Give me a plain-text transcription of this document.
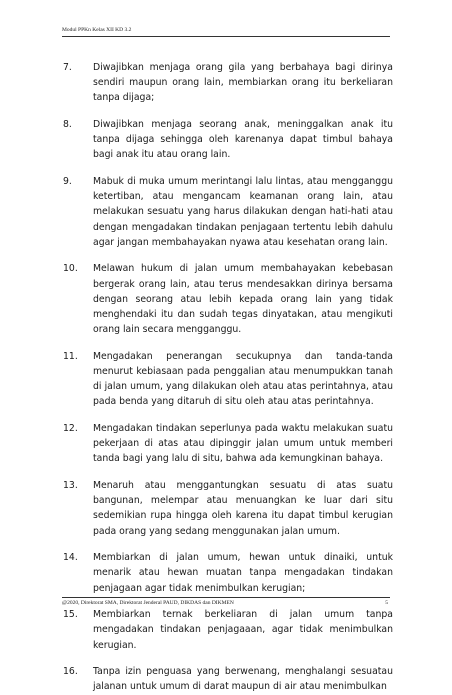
Modul PPKn Kelas XII KD 3.2
7.	Diwajibkan menjaga orang gila yang berbahaya bagi dirinya sendiri maupun orang lain, membiarkan orang itu berkeliaran tanpa dijaga;
8.	Diwajibkan menjaga seorang anak, meninggalkan anak itu tanpa dijaga sehingga oleh karenanya dapat timbul bahaya bagi anak itu atau orang lain.
9.	Mabuk di muka umum merintangi lalu lintas, atau mengganggu ketertiban, atau mengancam keamanan orang lain, atau melakukan sesuatu yang harus dilakukan dengan hati-hati atau dengan mengadakan tindakan penjagaan tertentu lebih dahulu agar jangan membahayakan nyawa atau kesehatan orang lain.
10.	Melawan hukum di jalan umum membahayakan kebebasan bergerak orang lain, atau terus mendesakkan dirinya bersama dengan seorang atau lebih kepada orang lain yang tidak menghendaki itu dan sudah tegas dinyatakan, atau mengikuti orang lain secara mengganggu.
11.	Mengadakan penerangan secukupnya dan tanda-tanda menurut kebiasaan pada penggalian atau menumpukkan tanah di jalan umum, yang dilakukan oleh atau atas perintahnya, atau pada benda yang ditaruh di situ oleh atau atas perintahnya.
12.	Mengadakan tindakan seperlunya pada waktu melakukan suatu pekerjaan di atas atau dipinggir jalan umum untuk memberi tanda bagi yang lalu di situ, bahwa ada kemungkinan bahaya.
13.	Menaruh atau menggantungkan sesuatu di atas suatu bangunan, melempar atau menuangkan ke luar dari situ sedemikian rupa hingga oleh karena itu dapat timbul kerugian pada orang yang sedang menggunakan jalan umum.
14.	Membiarkan di jalan umum, hewan untuk dinaiki, untuk menarik atau hewan muatan tanpa mengadakan tindakan penjagaan agar tidak menimbulkan kerugian;
15.	Membiarkan ternak berkeliaran di jalan umum tanpa mengadakan tindakan penjagaaan, agar tidak menimbulkan kerugian.
16.	Tanpa izin penguasa yang berwenang, menghalangi sesuatau jalanan untuk umum di darat maupun di air atau menimbulkan
@2020, Direktorat SMA, Direktorat Jenderal PAUD, DIKDAS dan DIKMEN	5
